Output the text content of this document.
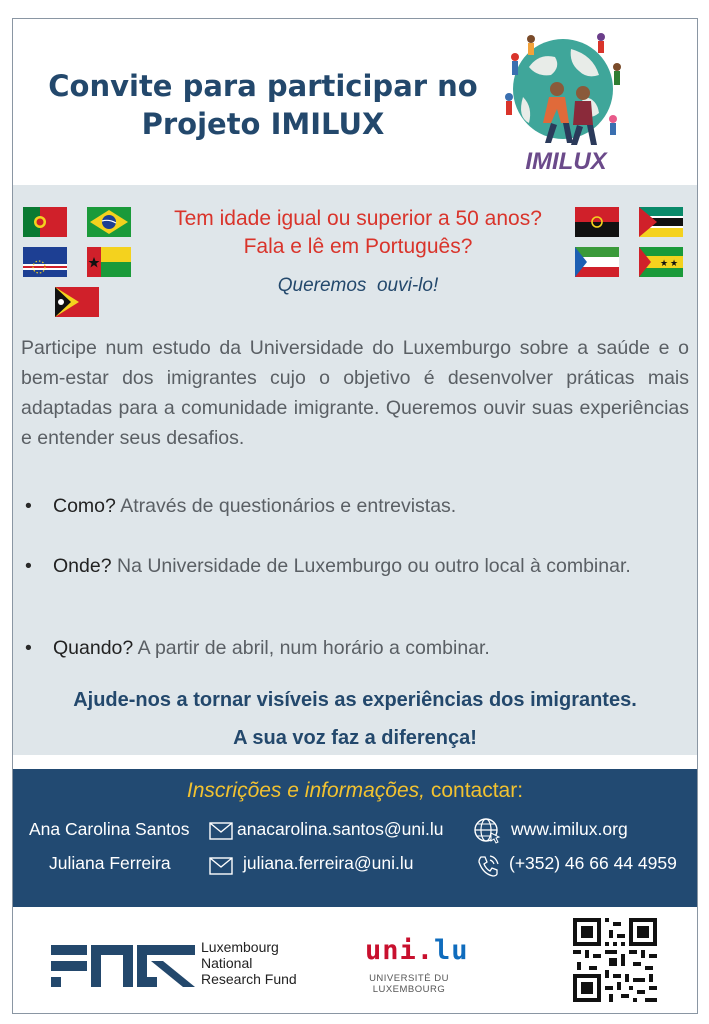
Convite para participar no
Projeto IMILUX
IMILUX
★ ★
Tem idade igual ou superior a 50 anos?
Fala e lê em Português?
Queremos  ouvi-lo!
Participe num estudo da Universidade do Luxemburgo sobre a saúde e o bem-estar dos imigrantes cujo o objetivo é desenvolver práticas mais adaptadas para a comunidade imigrante. Queremos ouvir suas experiências e entender seus desafios.
• Como? Através de questionários e entrevistas.
• Onde? Na Universidade de Luxemburgo ou outro local à combinar.
• Quando? A partir de abril, num horário a combinar.
Ajude-nos a tornar visíveis as experiências dos imigrantes.
A sua voz faz a diferença!
Inscrições e informações, contactar:
Ana Carolina Santos	anacarolina.santos@uni.lu	www.imilux.org
Juliana Ferreira	juliana.ferreira@uni.lu	(+352) 46 66 44 4959
Luxembourg
National
Research Fund
uni.lu
UNIVERSITÉ DU
LUXEMBOURG
